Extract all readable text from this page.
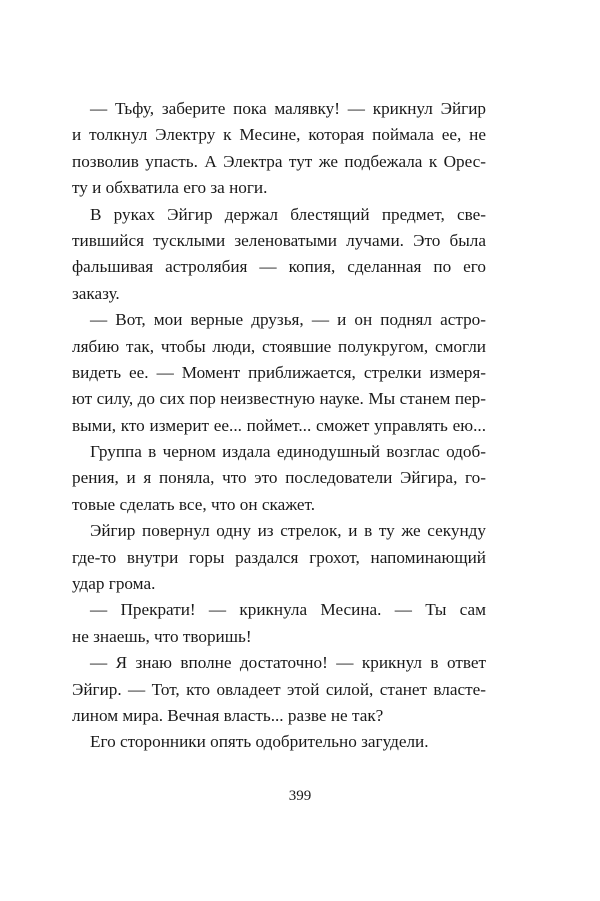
— Тьфу, заберите пока малявку! — крикнул Эйгир
и толкнул Электру к Месине, которая поймала ее, не
позволив упасть. А Электра тут же подбежала к Орес-
ту и обхватила его за ноги.
В руках Эйгир держал блестящий предмет, све-
тившийся тусклыми зеленоватыми лучами. Это была
фальшивая астролябия — копия, сделанная по его
заказу.
— Вот, мои верные друзья, — и он поднял астро-
лябию так, чтобы люди, стоявшие полукругом, смогли
видеть ее. — Момент приближается, стрелки измеря-
ют силу, до сих пор неизвестную науке. Мы станем пер-
выми, кто измерит ее... поймет... сможет управлять ею...
Группа в черном издала единодушный возглас одоб-
рения, и я поняла, что это последователи Эйгира, го-
товые сделать все, что он скажет.
Эйгир повернул одну из стрелок, и в ту же секунду
где-то внутри горы раздался грохот, напоминающий
удар грома.
— Прекрати! — крикнула Месина. — Ты сам
не знаешь, что творишь!
— Я знаю вполне достаточно! — крикнул в ответ
Эйгир. — Тот, кто овладеет этой силой, станет власте-
лином мира. Вечная власть... разве не так?
Его сторонники опять одобрительно загудели.
399
